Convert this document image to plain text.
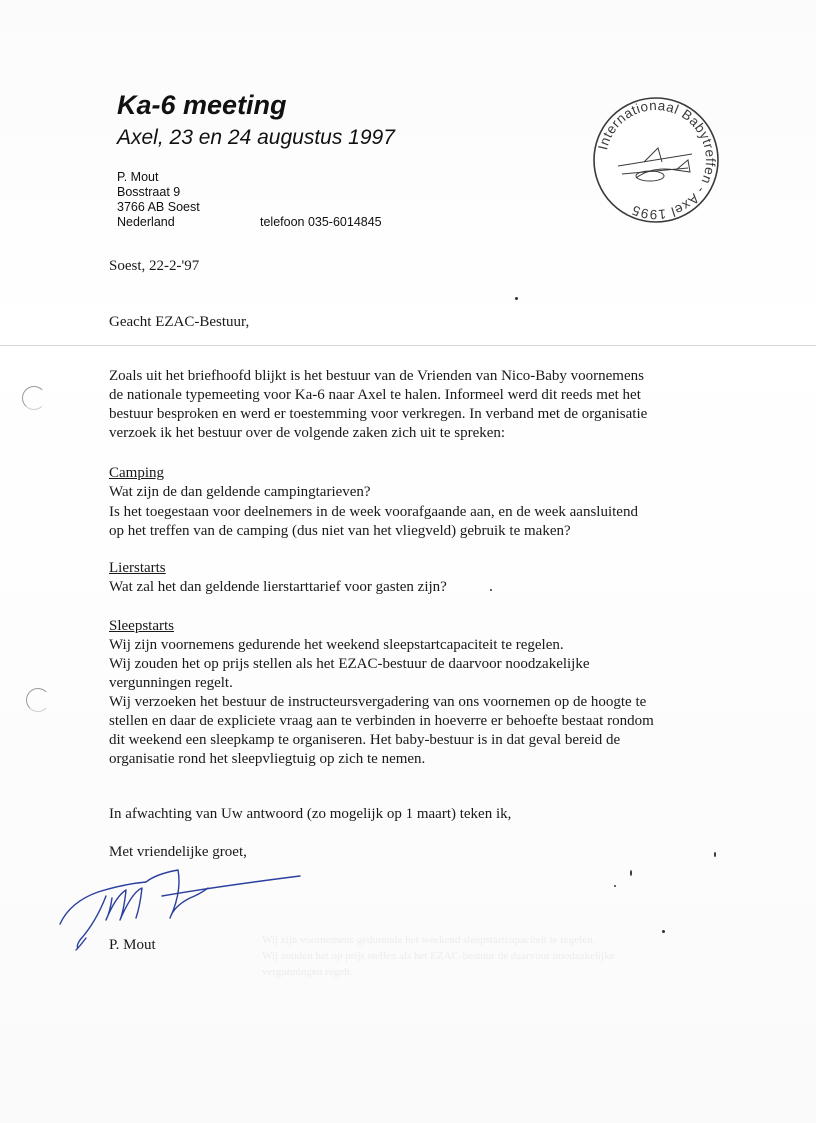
Ka-6 meeting
Axel, 23 en 24 augustus 1997
P. Mout
Bosstraat 9
3766 AB Soest
Nederland	telefoon 035-6014845
Internationaal Babytreffen - Axel 1995
Soest, 22-2-'97
Geacht EZAC-Bestuur,
Zoals uit het briefhoofd blijkt is het bestuur van de Vrienden van Nico-Baby voornemens
de nationale typemeeting voor Ka-6 naar Axel te halen. Informeel werd dit reeds met het
bestuur besproken en werd er toestemming voor verkregen. In verband met de organisatie
verzoek ik het bestuur over de volgende zaken zich uit te spreken:
Camping
Wat zijn de dan geldende campingtarieven?
Is het toegestaan voor deelnemers in de week voorafgaande aan, en de week aansluitend
op het treffen van de camping (dus niet van het vliegveld) gebruik te maken?
Lierstarts
Wat zal het dan geldende lierstarttarief voor gasten zijn?
Sleepstarts
Wij zijn voornemens gedurende het weekend sleepstartcapaciteit te regelen.
Wij zouden het op prijs stellen als het EZAC-bestuur de daarvoor noodzakelijke
vergunningen regelt.
Wij verzoeken het bestuur de instructeursvergadering van ons voornemen op de hoogte te
stellen en daar de expliciete vraag aan te verbinden in hoeverre er behoefte bestaat rondom
dit weekend een sleepkamp te organiseren. Het baby-bestuur is in dat geval bereid de
organisatie rond het sleepvliegtuig op zich te nemen.
In afwachting van Uw antwoord (zo mogelijk op 1 maart) teken ik,
Met vriendelijke groet,
P. Mout	Wij zijn voornemens gedurende het weekend sleepstartcapaciteit te regelen.
Wij zouden het op prijs stellen als het EZAC-bestuur de daarvoor noodzakelijke
vergunningen regelt.
